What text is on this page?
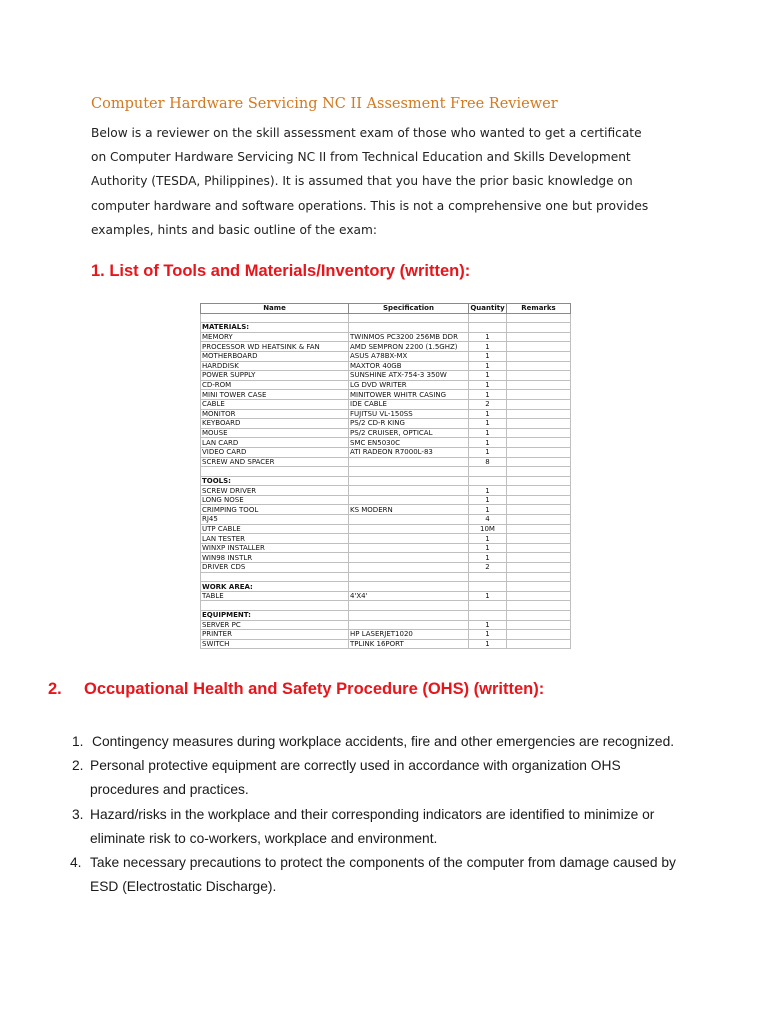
Computer Hardware Servicing NC II Assesment Free Reviewer
Below is a reviewer on the skill assessment exam of those who wanted to get a certificate
on Computer Hardware Servicing NC II from Technical Education and Skills Development
Authority (TESDA, Philippines). It is assumed that you have the prior basic knowledge on
computer hardware and software operations. This is not a comprehensive one but provides
examples, hints and basic outline of the exam:
1. List of Tools and Materials/Inventory (written):
Name	Specification	Quantity	Remarks

MATERIALS:			
MEMORY	TWINMOS PC3200 256MB DDR	1	
PROCESSOR WD HEATSINK & FAN	AMD SEMPRON 2200 (1.5GHZ)	1	
MOTHERBOARD	ASUS A78BX-MX	1	
HARDDISK	MAXTOR 40GB	1	
POWER SUPPLY	SUNSHINE ATX-754-3 350W	1	
CD-ROM	LG DVD WRITER	1	
MINI TOWER CASE	MINITOWER WHITR CASING	1	
CABLE	IDE CABLE	2	
MONITOR	FUJITSU VL-150SS	1	
KEYBOARD	PS/2 CD-R KING	1	
MOUSE	PS/2 CRUISER, OPTICAL	1	
LAN CARD	SMC EN5030C	1	
VIDEO CARD	ATI RADEON R7000L-83	1	
SCREW AND SPACER		8	

TOOLS:			
SCREW DRIVER		1	
LONG NOSE		1	
CRIMPING TOOL	KS MODERN	1	
RJ45		4	
UTP CABLE		10M	
LAN TESTER		1	
WINXP INSTALLER		1	
WIN98 INSTLR		1	
DRIVER CDS		2	

WORK AREA:			
TABLE	4'X4'	1	

EQUIPMENT:			
SERVER PC		1	
PRINTER	HP LASERJET1020	1	
SWITCH	TPLINK 16PORT	1	
2. Occupational Health and Safety Procedure (OHS) (written):
1. Contingency measures during workplace accidents, fire and other emergencies are recognized.
2. Personal protective equipment are correctly used in accordance with organization OHS
procedures and practices.
3. Hazard/risks in the workplace and their corresponding indicators are identified to minimize or
eliminate risk to co-workers, workplace and environment.
4. Take necessary precautions to protect the components of the computer from damage caused by
ESD (Electrostatic Discharge).
